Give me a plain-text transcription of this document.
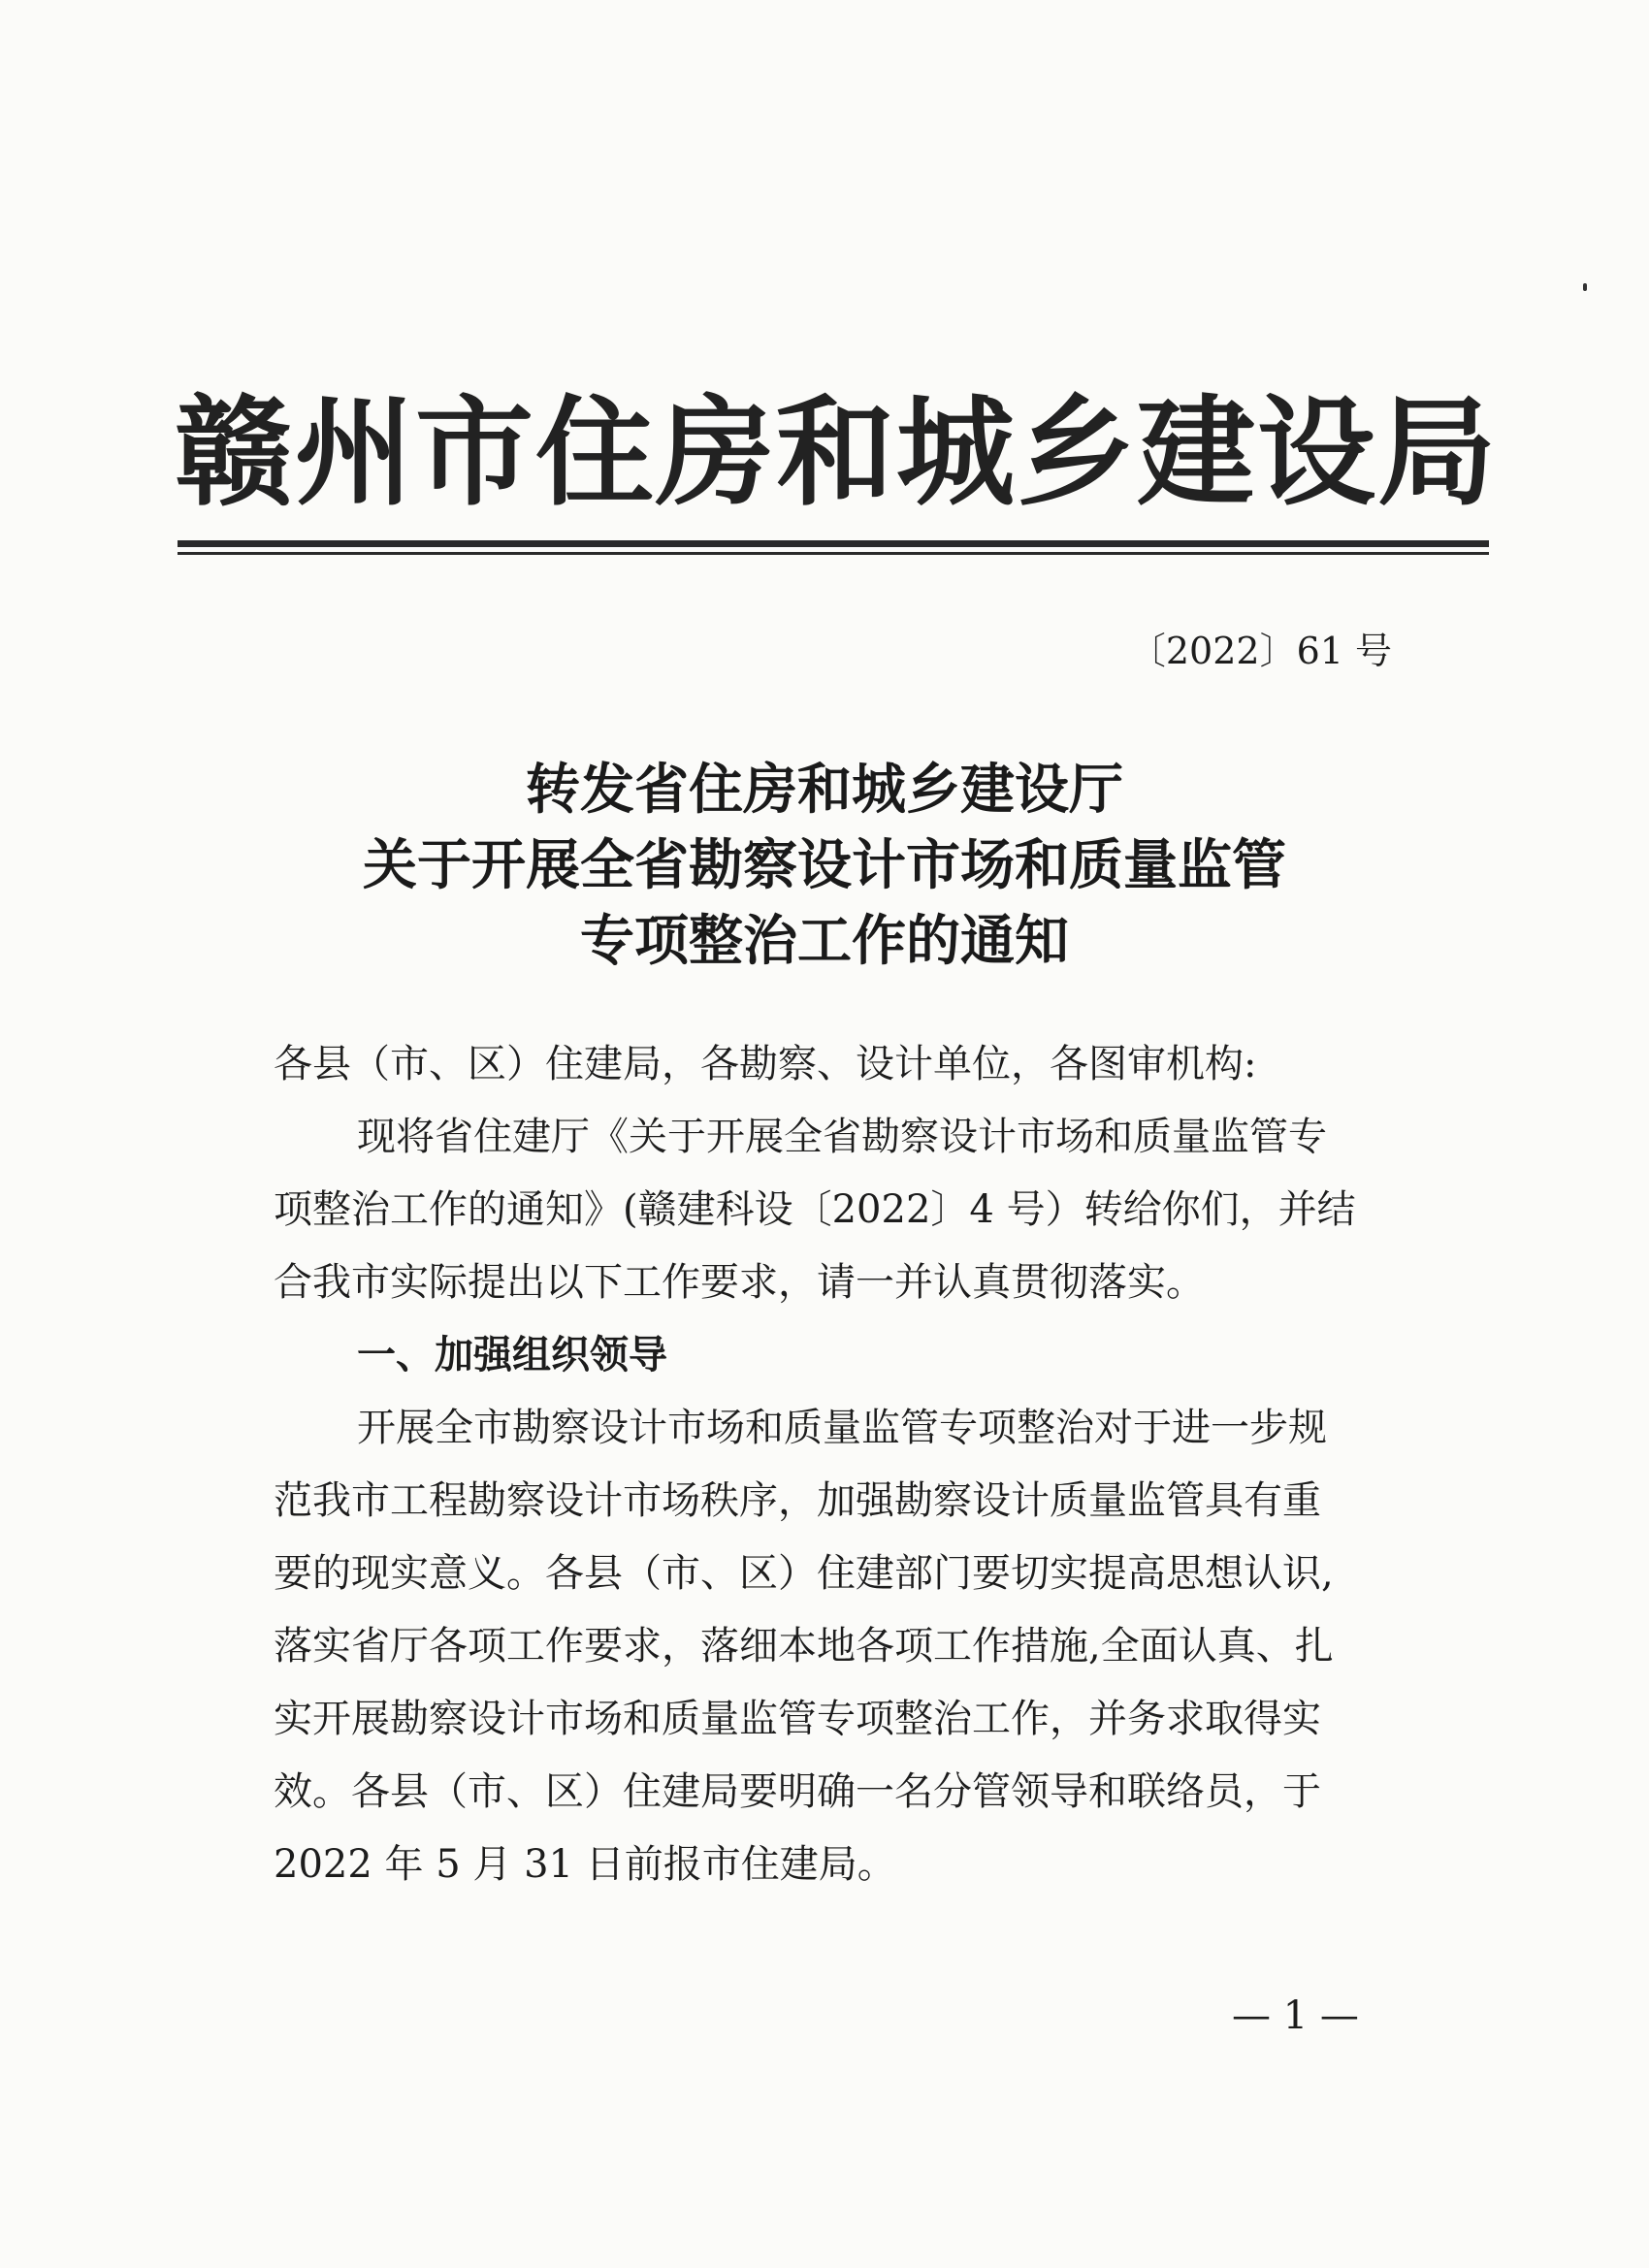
赣州市住房和城乡建设局
〔2022〕61 号
转发省住房和城乡建设厅
关于开展全省勘察设计市场和质量监管
专项整治工作的通知
各县（市、区）住建局，各勘察、设计单位，各图审机构:
现将省住建厅《关于开展全省勘察设计市场和质量监管专
项整治工作的通知》(赣建科设〔2022〕4 号）转给你们，并结
合我市实际提出以下工作要求，请一并认真贯彻落实。
一、加强组织领导
开展全市勘察设计市场和质量监管专项整治对于进一步规
范我市工程勘察设计市场秩序，加强勘察设计质量监管具有重
要的现实意义。各县（市、区）住建部门要切实提高思想认识,
落实省厅各项工作要求，落细本地各项工作措施,全面认真、扎
实开展勘察设计市场和质量监管专项整治工作，并务求取得实
效。各县（市、区）住建局要明确一名分管领导和联络员，于
2022 年 5 月 31 日前报市住建局。
— 1 —
